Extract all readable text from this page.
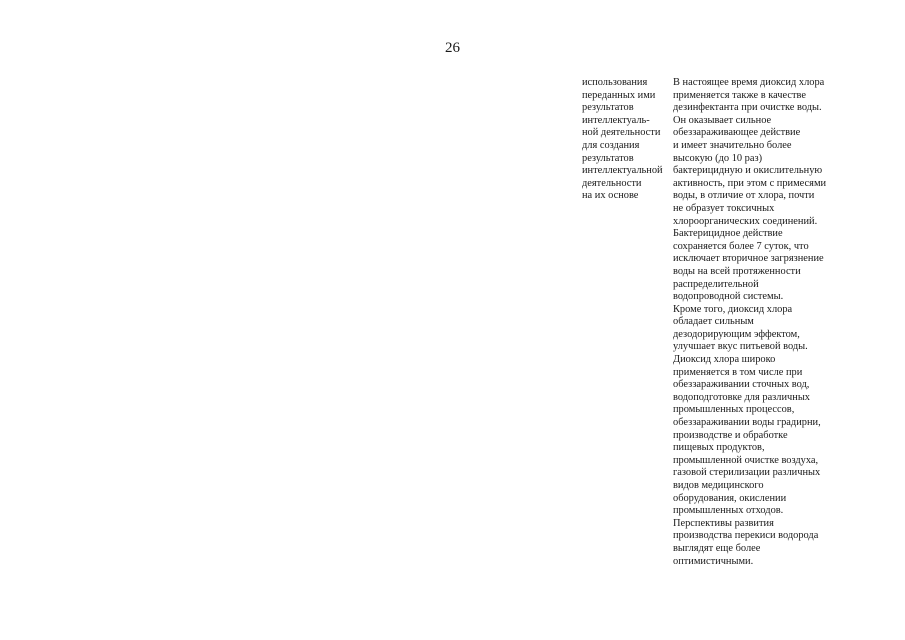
26
использования
переданных ими
результатов
интеллектуаль-
ной деятельности
для создания
результатов
интеллектуальной
деятельности
на их основе
В настоящее время диоксид хлора
применяется также в качестве
дезинфектанта при очистке воды.
Он оказывает сильное
обеззараживающее действие
и имеет значительно более
высокую (до 10 раз)
бактерицидную и окислительную
активность, при этом с примесями
воды, в отличие от хлора, почти
не образует токсичных
хлороорганических соединений.
Бактерицидное действие
сохраняется более 7 суток, что
исключает вторичное загрязнение
воды на всей протяженности
распределительной
водопроводной системы.
Кроме того, диоксид хлора
обладает сильным
дезодорирующим эффектом,
улучшает вкус питьевой воды.
Диоксид хлора широко
применяется в том числе при
обеззараживании сточных вод,
водоподготовке для различных
промышленных процессов,
обеззараживании воды градирни,
производстве и обработке
пищевых продуктов,
промышленной очистке воздуха,
газовой стерилизации различных
видов медицинского
оборудования, окислении
промышленных отходов.
Перспективы развития
производства перекиси водорода
выглядят еще более
оптимистичными.
